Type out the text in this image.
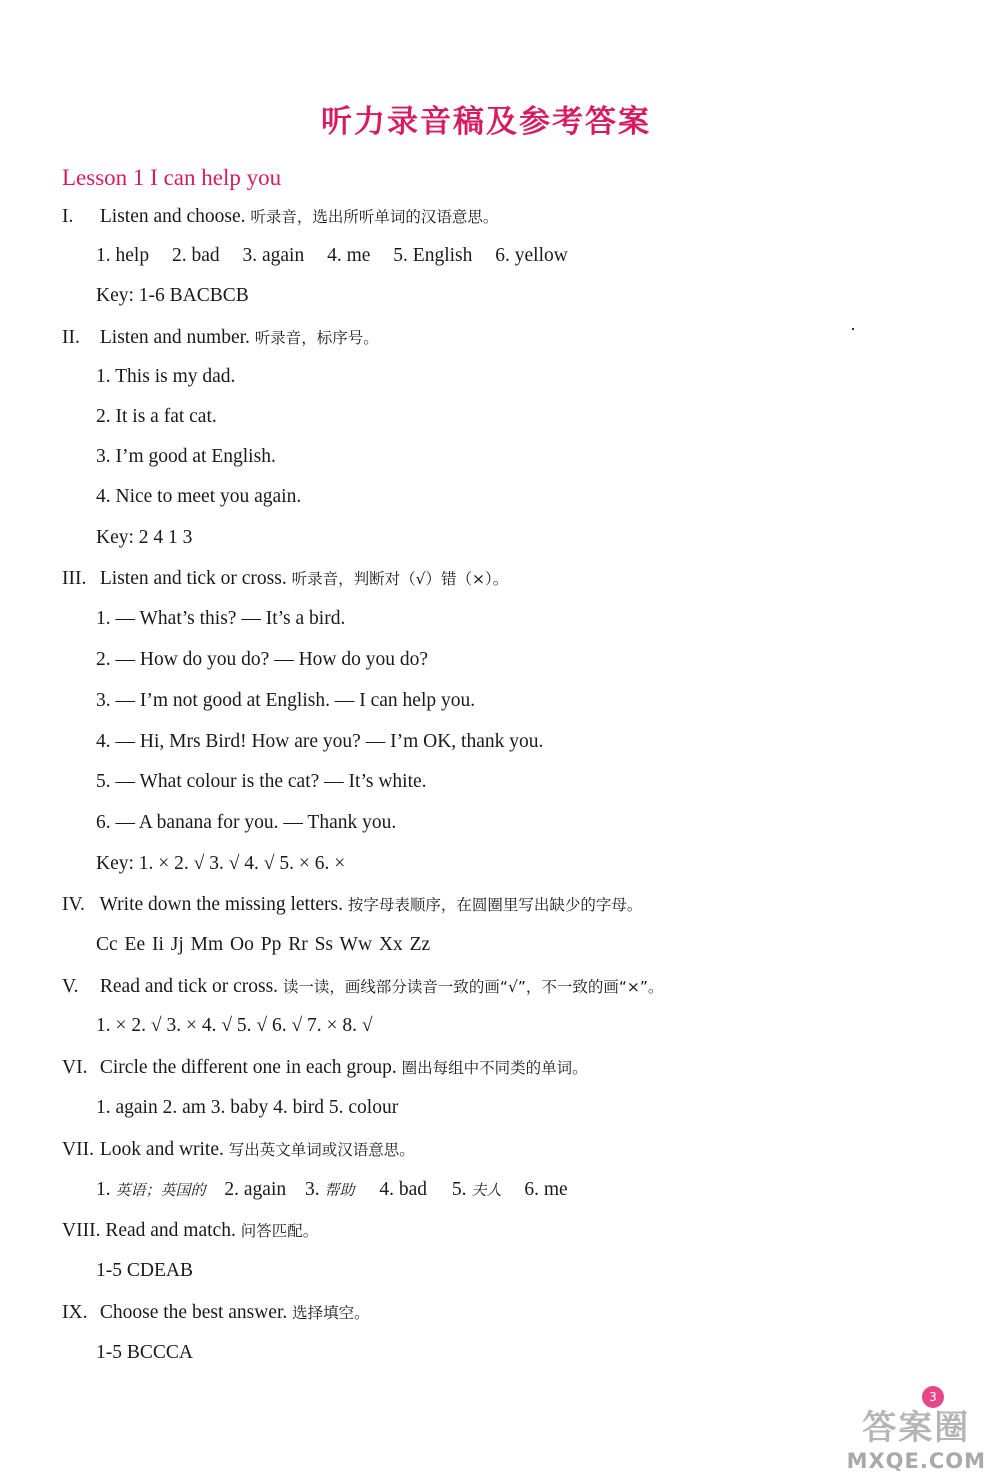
听力录音稿及参考答案
Lesson 1 I can help you
I. Listen and choose. 听录音，选出所听单词的汉语意思。
1. help 2. bad 3. again 4. me 5. English 6. yellow
Key: 1-6 BACBCB
II. Listen and number. 听录音，标序号。
1. This is my dad.
2. It is a fat cat.
3. I’m good at English.
4. Nice to meet you again.
Key: 2 4 1 3
III. Listen and tick or cross. 听录音，判断对（√）错（×）。
1. — What’s this? — It’s a bird.
2. — How do you do? — How do you do?
3. — I’m not good at English. — I can help you.
4. — Hi, Mrs Bird! How are you? — I’m OK, thank you.
5. — What colour is the cat? — It’s white.
6. — A banana for you. — Thank you.
Key: 1. × 2. √ 3. √ 4. √ 5. × 6. ×
IV. Write down the missing letters. 按字母表顺序，在圆圈里写出缺少的字母。
Cc Ee Ii Jj Mm Oo Pp Rr Ss Ww Xx Zz
V. Read and tick or cross. 读一读，画线部分读音一致的画“√”，不一致的画“×”。
1. × 2. √ 3. × 4. √ 5. √ 6. √ 7. × 8. √
VI. Circle the different one in each group. 圈出每组中不同类的单词。
1. again 2. am 3. baby 4. bird 5. colour
VII. Look and write. 写出英文单词或汉语意思。
1. 英语；英国的 2. again 3. 帮助 4. bad 5. 夫人 6. me
VIII. Read and match. 问答匹配。
1-5 CDEAB
IX. Choose the best answer. 选择填空。
1-5 BCCCA
3
答案圈
MXQE.COM
